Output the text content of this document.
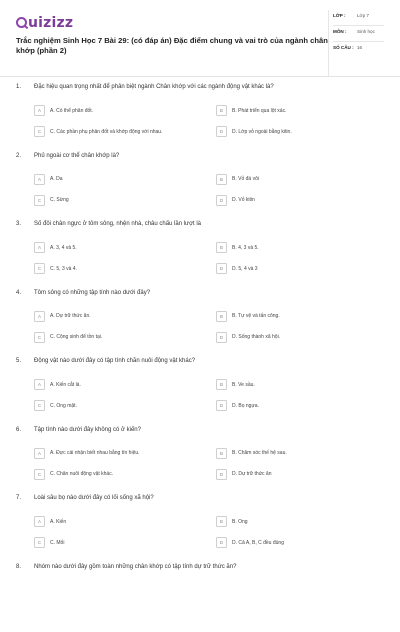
uizizz
Trắc nghiệm Sinh Học 7 Bài 29: (có đáp án) Đặc điểm chung và vai trò của ngành chân khớp (phần 2)
LỚP :	Lớp 7
MÔN :	Sinh học
SỐ CÂU : 16
1.	Đặc hiệu quan trọng nhất để phân biệt ngành Chân khớp với các ngành động vật khác là?
A	A. Có thể phân đốt.	B	B. Phát triển qua lột xác.
C	C. Các phần phụ phân đốt và khớp động với nhau.	D	D. Lớp vỏ ngoài bằng kitin.
2.	Phủ ngoài cơ thể chân khớp là?
A	A. Da	B	B. Vỏ đá vôi
C	C. Sừng	D	D. Vỏ kitin
3.	Số đôi chân ngực ở tôm sông, nhện nhà, châu chấu lần lượt là
A	A. 3, 4 và 5.	B	B. 4, 3 và 5.
C	C. 5, 3 và 4.	D	D. 5, 4 và 3
4.	Tôm sông có những tập tính nào dưới đây?
A	A. Dự trữ thức ăn.	B	B. Tự vệ và tấn công.
C	C. Cộng sinh để tồn tại.	D	D. Sống thành xã hội.
5.	Động vật nào dưới đây có tập tính chăn nuôi động vật khác?
A	A. Kiến cắt lá.	B	B. Ve sầu.
C	C. Ong mật.	D	D. Bọ ngựa.
6.	Tập tính nào dưới đây không có ở kiến?
A	A. Đực cái nhận biết nhau bằng tín hiệu.	B	B. Chăm sóc thế hệ sau.
C	C. Chăn nuôi động vật khác.	D	D. Dự trữ thức ăn
7.	Loài sâu bọ nào dưới đây có lối sống xã hội?
A	A. Kiến	B	B. Ong
C	C. Mối	D	D. Cả A, B, C đều đúng
8.	Nhóm nào dưới đây gồm toàn những chân khớp có tập tính dự trữ thức ăn?
